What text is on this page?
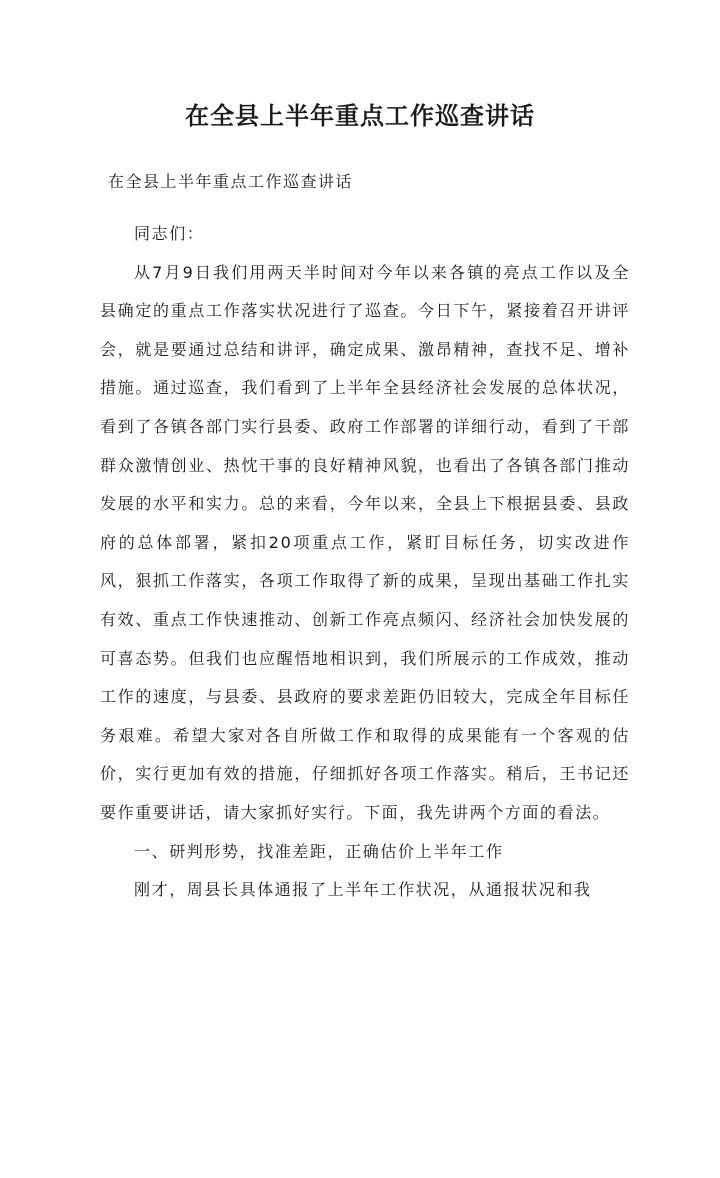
在全县上半年重点工作巡查讲话

在全县上半年重点工作巡查讲话

同志们：

从7月9日我们用两天半时间对今年以来各镇的亮点工作以及全县确定的重点工作落实状况进行了巡查。今日下午，紧接着召开讲评会，就是要通过总结和讲评，确定成果、激昂精神，查找不足、增补措施。通过巡查，我们看到了上半年全县经济社会发展的总体状况，看到了各镇各部门实行县委、政府工作部署的详细行动，看到了干部群众激情创业、热忱干事的良好精神风貌，也看出了各镇各部门推动发展的水平和实力。总的来看，今年以来，全县上下根据县委、县政府的总体部署，紧扣20项重点工作，紧盯目标任务，切实改进作风，狠抓工作落实，各项工作取得了新的成果，呈现出基础工作扎实有效、重点工作快速推动、创新工作亮点频闪、经济社会加快发展的可喜态势。但我们也应醒悟地相识到，我们所展示的工作成效，推动工作的速度，与县委、县政府的要求差距仍旧较大，完成全年目标任务艰难。希望大家对各自所做工作和取得的成果能有一个客观的估价，实行更加有效的措施，仔细抓好各项工作落实。稍后，王书记还要作重要讲话，请大家抓好实行。下面，我先讲两个方面的看法。

一、研判形势，找准差距，正确估价上半年工作

刚才，周县长具体通报了上半年工作状况，从通报状况和我
